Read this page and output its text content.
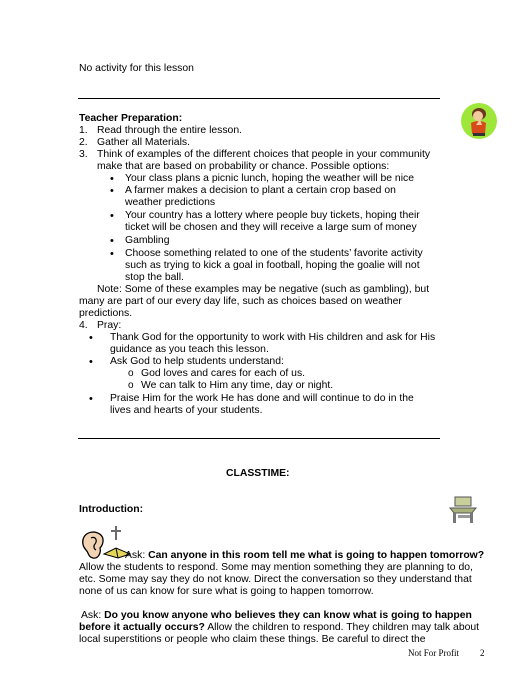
No activity for this lesson
Teacher Preparation:
1. Read through the entire lesson.
2. Gather all Materials.
3. Think of examples of the different choices that people in your community
make that are based on probability or chance. Possible options:
• Your class plans a picnic lunch, hoping the weather will be nice
• A farmer makes a decision to plant a certain crop based on
weather predictions
• Your country has a lottery where people buy tickets, hoping their
ticket will be chosen and they will receive a large sum of money
• Gambling
• Choose something related to one of the students’ favorite activity
such as trying to kick a goal in football, hoping the goalie will not
stop the ball.
Note: Some of these examples may be negative (such as gambling), but
many are part of our every day life, such as choices based on weather
predictions.
4. Pray:
• Thank God for the opportunity to work with His children and ask for His
guidance as you teach this lesson.
• Ask God to help students understand:
o God loves and cares for each of us.
o We can talk to Him any time, day or night.
• Praise Him for the work He has done and will continue to do in the
lives and hearts of your students.
CLASSTIME:
Introduction:
Ask: Can anyone in this room tell me what is going to happen tomorrow?
Allow the students to respond. Some may mention something they are planning to do,
etc. Some may say they do not know. Direct the conversation so they understand that
none of us can know for sure what is going to happen tomorrow.
Ask: Do you know anyone who believes they can know what is going to happen
before it actually occurs? Allow the children to respond. They children may talk about
local superstitions or people who claim these things. Be careful to direct the
Not For Profit 2
